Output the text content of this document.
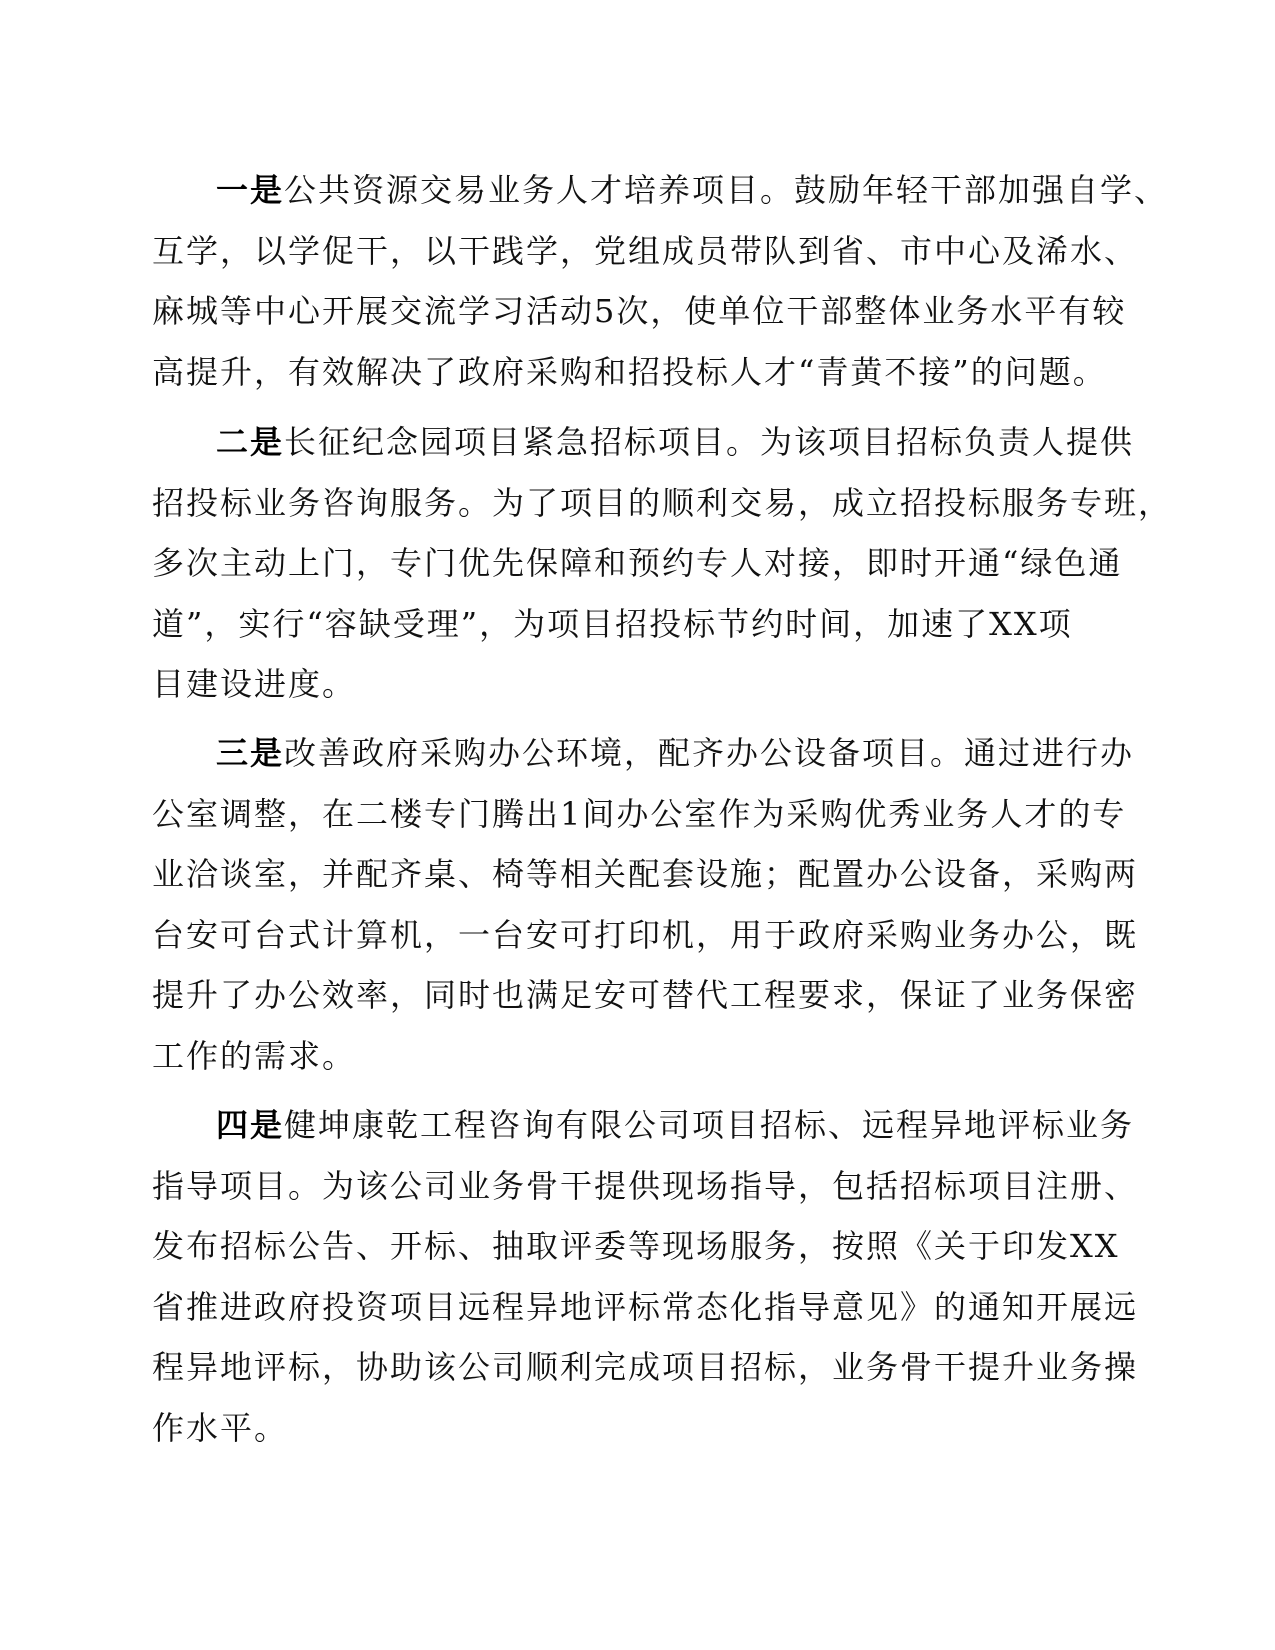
一是公共资源交易业务人才培养项目。鼓励年轻干部加强自学、
互学，以学促干，以干践学，党组成员带队到省、市中心及浠水、
麻城等中心开展交流学习活动5次，使单位干部整体业务水平有较
高提升，有效解决了政府采购和招投标人才“青黄不接”的问题。

二是长征纪念园项目紧急招标项目。为该项目招标负责人提供
招投标业务咨询服务。为了项目的顺利交易，成立招投标服务专班，
多次主动上门，专门优先保障和预约专人对接，即时开通“绿色通
道”，实行“容缺受理”，为项目招投标节约时间，加速了XX项
目建设进度。

三是改善政府采购办公环境，配齐办公设备项目。通过进行办
公室调整，在二楼专门腾出1间办公室作为采购优秀业务人才的专
业洽谈室，并配齐桌、椅等相关配套设施；配置办公设备，采购两
台安可台式计算机，一台安可打印机，用于政府采购业务办公，既
提升了办公效率，同时也满足安可替代工程要求，保证了业务保密
工作的需求。

四是健坤康乾工程咨询有限公司项目招标、远程异地评标业务
指导项目。为该公司业务骨干提供现场指导，包括招标项目注册、
发布招标公告、开标、抽取评委等现场服务，按照《关于印发XX
省推进政府投资项目远程异地评标常态化指导意见》的通知开展远
程异地评标，协助该公司顺利完成项目招标，业务骨干提升业务操
作水平。
